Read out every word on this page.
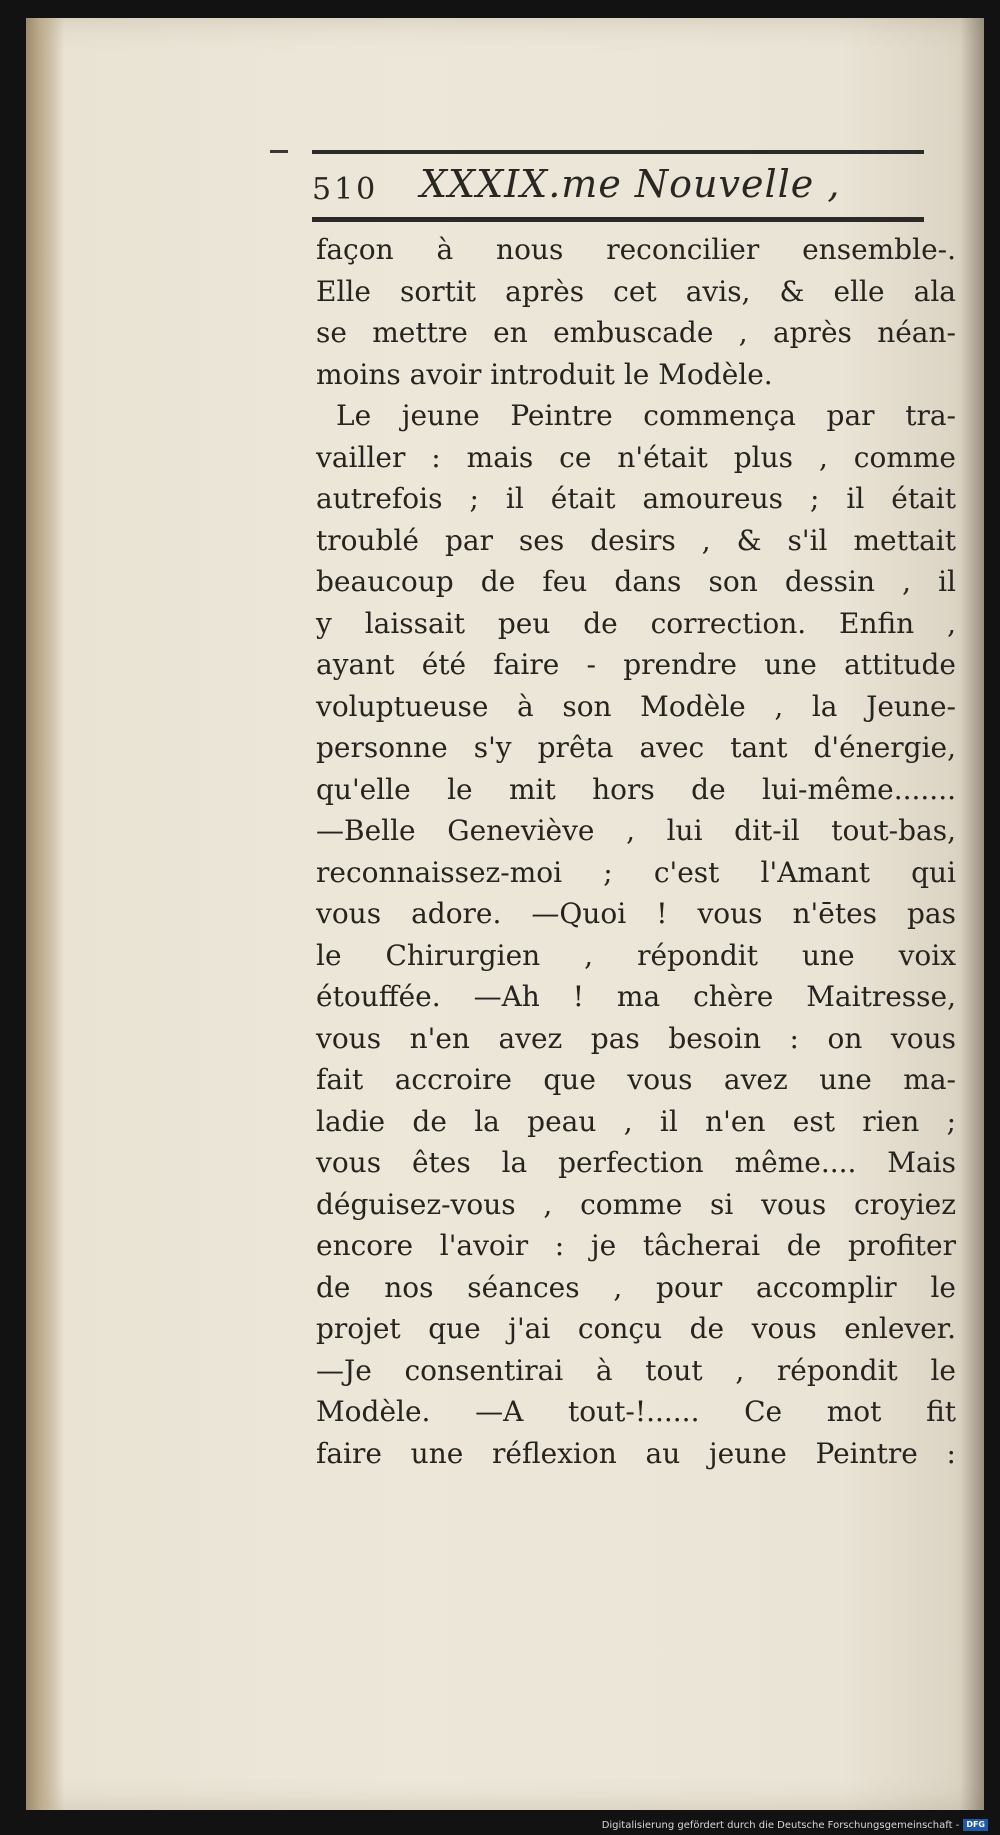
510 XXXIX.me Nouvelle ,
façon à nous reconcilier ensemble-.
Elle sortit après cet avis, & elle ala
se mettre en embuscade , après néan-
moins avoir introduit le Modèle.
Le jeune Peintre commença par tra-
vailler : mais ce n'était plus , comme
autrefois ; il était amoureus ; il était
troublé par ses desirs , & s'il mettait
beaucoup de feu dans son dessin , il
y laissait peu de correction. Enfin ,
ayant été faire - prendre une attitude
voluptueuse à son Modèle , la Jeune-
personne s'y prêta avec tant d'énergie,
qu'elle le mit hors de lui-même.......
—Belle Geneviève , lui dit-il tout-bas,
reconnaissez-moi ; c'est l'Amant qui
vous adore. —Quoi ! vous n'ētes pas
le Chirurgien , répondit une voix
étouffée. —Ah ! ma chère Maitresse,
vous n'en avez pas besoin : on vous
fait accroire que vous avez une ma-
ladie de la peau , il n'en est rien ;
vous êtes la perfection même.... Mais
déguisez-vous , comme si vous croyiez
encore l'avoir : je tâcherai de profiter
de nos séances , pour accomplir le
projet que j'ai conçu de vous enlever.
—Je consentirai à tout , répondit le
Modèle. —A tout-!...... Ce mot fit
faire une réflexion au jeune Peintre :
Digitalisierung gefördert durch die Deutsche Forschungsgemeinschaft - DFG
